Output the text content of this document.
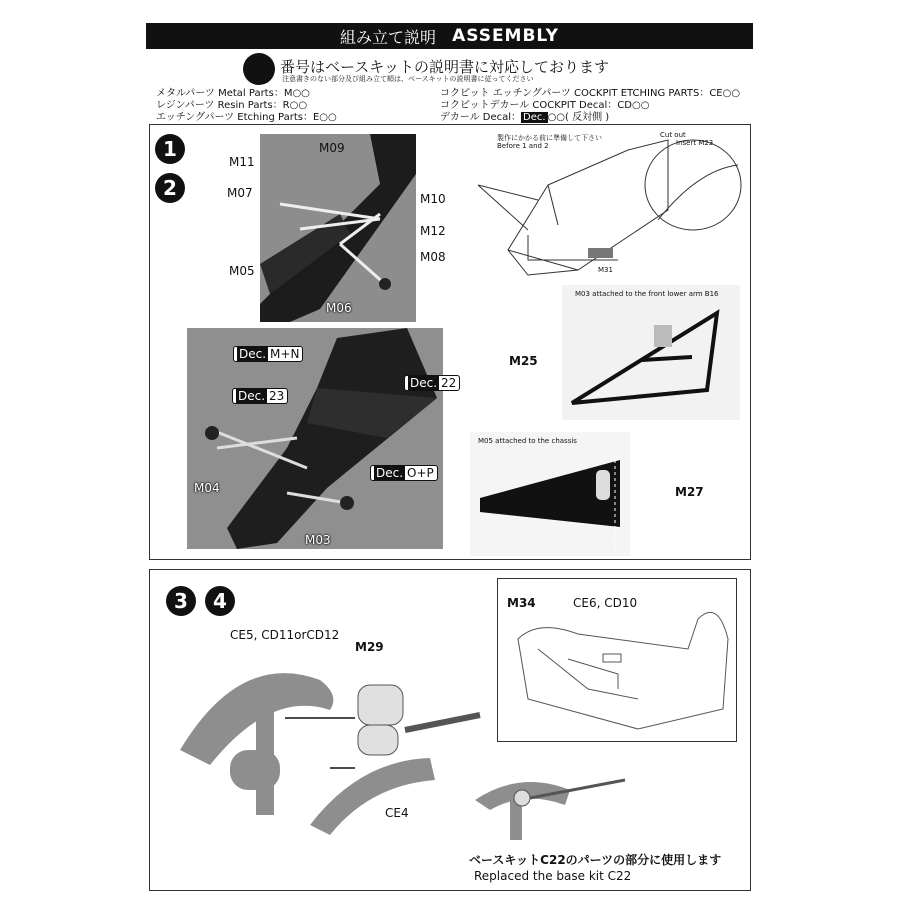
組み立て説明 ASSEMBLY
番号はベースキットの説明書に対応しております
注意書きのない部分及び組み立て順は、ベースキットの説明書に従ってください
メタルパーツ Metal Parts：M○○
レジンパーツ Resin Parts：R○○
エッチングパーツ Etching Parts：E○○
コクピット エッチングパーツ COCKPIT ETCHING PARTS：CE○○
コクピットデカール COCKPIT Decal：CD○○
デカール Decal： Dec. ○○( 反対側 )
1
2
M09
M11
M07	M10
M12
M05
M08
M06
Dec. M+N
Dec. 22
Dec. 23
Dec. O+P
M04
M03
製作にかかる前に準備して下さい
Before 1 and 2
Cut out
Insert M23
M31
M03 attached to the front lower arm B16
M25
M05 attached to the chassis
M27
3	4
CE5, CD11orCD12
M29
CE4
M34	CE6, CD10
ベースキットC22のパーツの部分に使用します
Replaced the base kit C22
